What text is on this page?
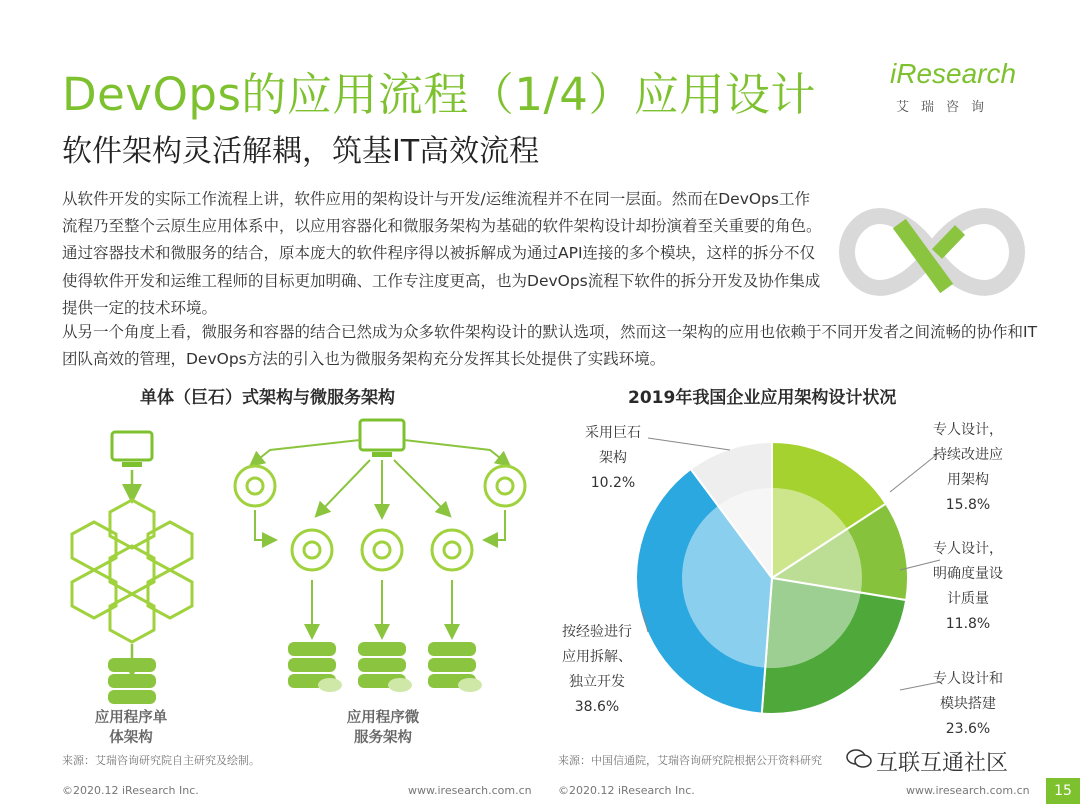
DevOps的应用流程（1/4）应用设计
软件架构灵活解耦，筑基IT高效流程
iResearch
艾瑞咨询
从软件开发的实际工作流程上讲，软件应用的架构设计与开发/运维流程并不在同一层面。然而在DevOps工作流程乃至整个云原生应用体系中，以应用容器化和微服务架构为基础的软件架构设计却扮演着至关重要的角色。通过容器技术和微服务的结合，原本庞大的软件程序得以被拆解成为通过API连接的多个模块，这样的拆分不仅使得软件开发和运维工程师的目标更加明确、工作专注度更高，也为DevOps流程下软件的拆分开发及协作集成提供一定的技术环境。
从另一个角度上看，微服务和容器的结合已然成为众多软件架构设计的默认选项，然而这一架构的应用也依赖于不同开发者之间流畅的协作和IT团队高效的管理，DevOps方法的引入也为微服务架构充分发挥其长处提供了实践环境。
单体（巨石）式架构与微服务架构	2019年我国企业应用架构设计状况
应用程序单
体架构
应用程序微
服务架构
采用巨石
架构
10.2%
专人设计，
持续改进应
用架构
15.8%
专人设计，
明确度量设
计质量
11.8%
按经验进行
应用拆解、
独立开发
38.6%
专人设计和
模块搭建
23.6%
来源：艾瑞咨询研究院自主研究及绘制。	来源：中国信通院，艾瑞咨询研究院根据公开资料研究 互联互通社区
©2020.12 iResearch Inc.	www.iresearch.com.cn ©2020.12 iResearch Inc.	www.iresearch.com.cn	15
